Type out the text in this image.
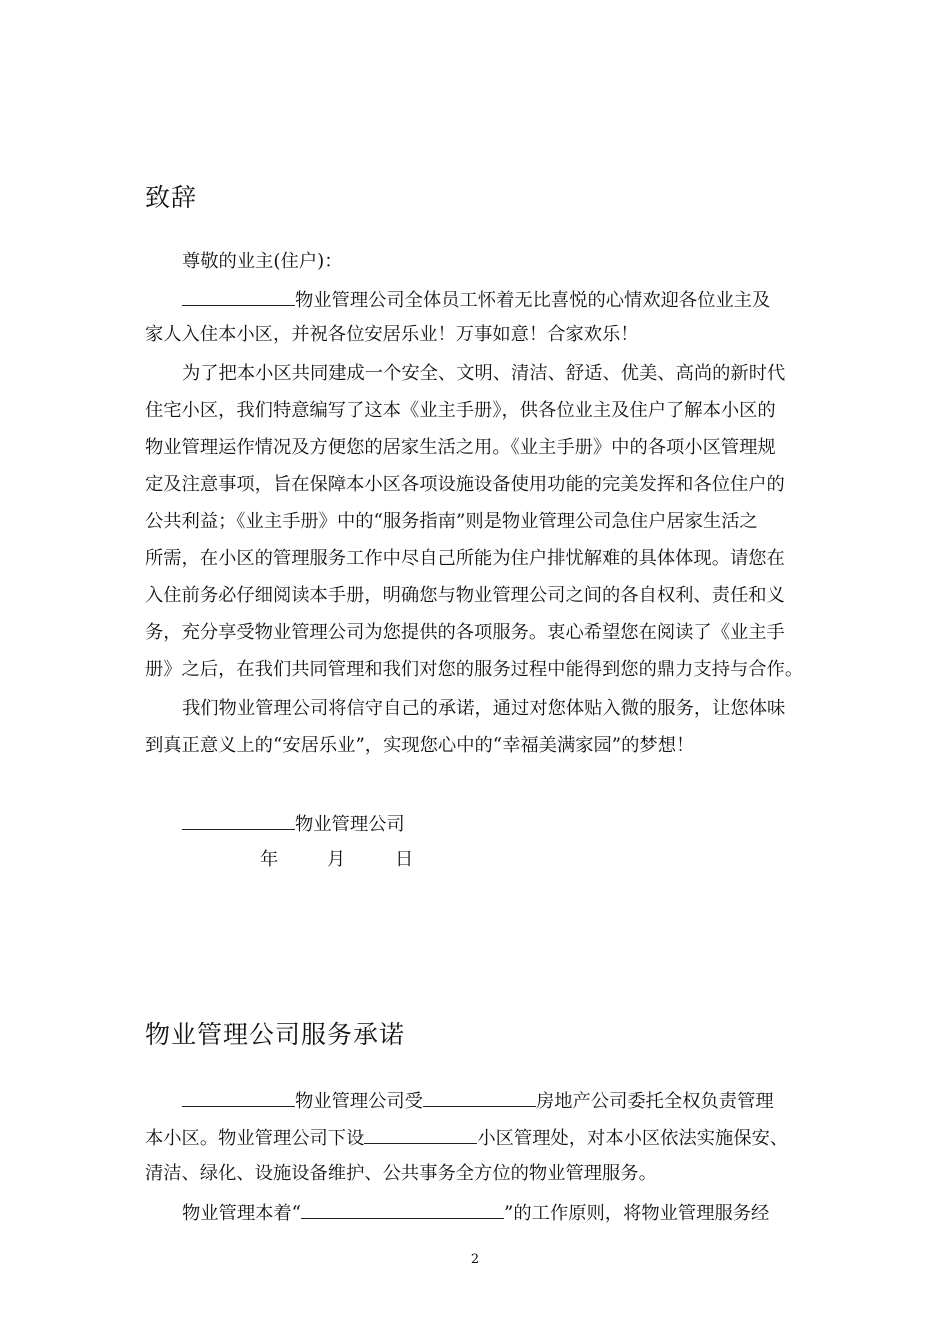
致辞
尊敬的业主(住户)：
物业管理公司全体员工怀着无比喜悦的心情欢迎各位业主及
家人入住本小区，并祝各位安居乐业！万事如意！合家欢乐！
为了把本小区共同建成一个安全、文明、清洁、舒适、优美、高尚的新时代
住宅小区，我们特意编写了这本《业主手册》，供各位业主及住户了解本小区的
物业管理运作情况及方便您的居家生活之用。《业主手册》中的各项小区管理规
定及注意事项，旨在保障本小区各项设施设备使用功能的完美发挥和各位住户的
公共利益；《业主手册》中的“服务指南”则是物业管理公司急住户居家生活之
所需，在小区的管理服务工作中尽自己所能为住户排忧解难的具体体现。请您在
入住前务必仔细阅读本手册，明确您与物业管理公司之间的各自权利、责任和义
务，充分享受物业管理公司为您提供的各项服务。衷心希望您在阅读了《业主手
册》之后，在我们共同管理和我们对您的服务过程中能得到您的鼎力支持与合作。
我们物业管理公司将信守自己的承诺，通过对您体贴入微的服务，让您体味
到真正意义上的“安居乐业”，实现您心中的“幸福美满家园”的梦想！
物业管理公司
年	月	日
物业管理公司服务承诺
物业管理公司受	房地产公司委托全权负责管理
本小区。物业管理公司下设	小区管理处，对本小区依法实施保安、
清洁、绿化、设施设备维护、公共事务全方位的物业管理服务。
物业管理本着“	”的工作原则，将物业管理服务经
2
